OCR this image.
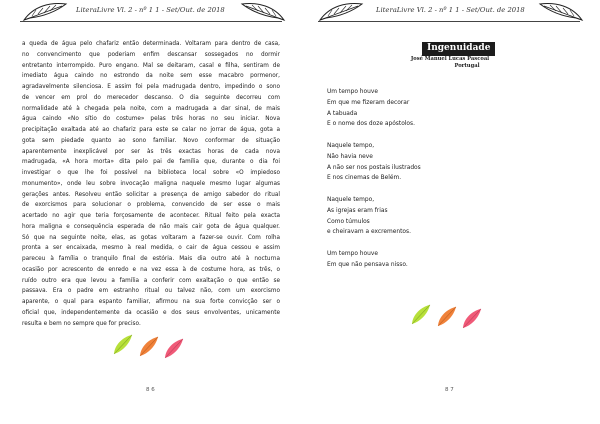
LiteraLivre Vl. 2 - nº 1 1 - Set/Out. de 2018
a queda de água pelo chafariz então determinada. Voltaram para dentro de casa,
no convencimento que poderiam enfim descansar sossegados no dormir
entretanto interrompido. Puro engano. Mal se deitaram, casal e filha, sentiram de
imediato água caindo no estrondo da noite sem esse macabro pormenor,
agradavelmente silenciosa. E assim foi pela madrugada dentro, impedindo o sono
de vencer em prol do merecedor descanso. O dia seguinte decorreu com
normalidade até à chegada pela noite, com a madrugada a dar sinal, de mais
água caindo «No sítio do costume» pelas três horas no seu iniciar. Nova
precipitação exaltada até ao chafariz para este se calar no jorrar de água, gota a
gota sem piedade quanto ao sono familiar. Novo conformar de situação
aparentemente inexplicável por ser às três exactas horas de cada nova
madrugada, «A hora morta» dita pelo pai de família que, durante o dia foi
investigar o que lhe foi possível na biblioteca local sobre «O impiedoso
monumento», onde leu sobre invocação maligna naquele mesmo lugar algumas
gerações antes. Resolveu então solicitar a presença de amigo sabedor do ritual
de exorcismos para solucionar o problema, convencido de ser esse o mais
acertado no agir que teria forçosamente de acontecer. Ritual feito pela exacta
hora maligna e consequência esperada de não mais cair gota de água qualquer.
Só que na seguinte noite, elas, as gotas voltaram a fazer-se ouvir. Com rolha
pronta a ser encaixada, mesmo à real medida, o cair de água cessou e assim
pareceu à família o tranquilo final de estória. Mais dia outro até à nocturna
ocasião por acrescento de enredo e na vez essa à de costume hora, as três, o
ruído outro era que levou a família a conferir com exaltação o que então se
passava. Era o padre em estranho ritual ou talvez não, com um exorcismo
aparente, o qual para espanto familiar, afirmou na sua forte convicção ser o
oficial que, independentemente da ocasião e dos seus envolventes, unicamente
resulta e bem no sempre que for preciso.
8 6
LiteraLivre Vl. 2 - nº 1 1 - Set/Out. de 2018
Ingenuidade
José Manuel Lucas Pascoal
Portugal
Um tempo houve
Em que me fizeram decorar
A tabuada
E o nome dos doze apóstolos.
Naquele tempo,
Não havia neve
A não ser nos postais ilustrados
E nos cinemas de Belém.
Naquele tempo,
As igrejas eram frias
Como túmulos
e cheiravam a excrementos.
Um tempo houve
Em que não pensava nisso.
8 7
